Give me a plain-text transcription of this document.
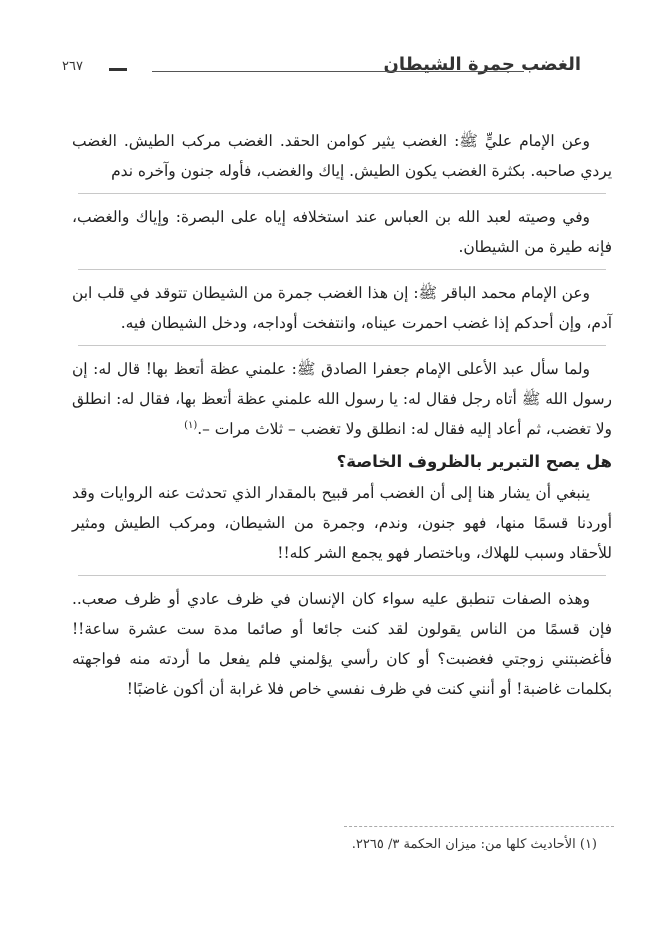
الغضب جمرة الشيطان
٢٦٧

وعن الإمام عليٍّ ﷺ: الغضب يثير كوامن الحقد. الغضب مركب الطيش. الغضب يردي صاحبه. بكثرة الغضب يكون الطيش. إياك والغضب، فأوله جنون وآخره ندم

وفي وصيته لعبد الله بن العباس عند استخلافه إياه على البصرة: وإياك والغضب، فإنه طيرة من الشيطان.

وعن الإمام محمد الباقر ﷺ: إن هذا الغضب جمرة من الشيطان تتوقد في قلب ابن آدم، وإن أحدكم إذا غضب احمرت عيناه، وانتفخت أوداجه، ودخل الشيطان فيه.

ولما سأل عبد الأعلى الإمام جعفرا الصادق ﷺ: علمني عظة أتعظ بها! قال له: إن رسول الله ﷺ أتاه رجل فقال له: يا رسول الله علمني عظة أتعظ بها، فقال له: انطلق ولا تغضب، ثم أعاد إليه فقال له: انطلق ولا تغضب – ثلاث مرات –.$^{(١)}$

هل يصح التبرير بالظروف الخاصة؟

ينبغي أن يشار هنا إلى أن الغضب أمر قبيح بالمقدار الذي تحدثت عنه الروايات وقد أوردنا قسمًا منها، فهو جنون، وندم، وجمرة من الشيطان، ومركب الطيش ومثير للأحقاد وسبب للهلاك، وباختصار فهو يجمع الشر كله!!

وهذه الصفات تنطبق عليه سواء كان الإنسان في ظرف عادي أو ظرف صعب.. فإن قسمًا من الناس يقولون لقد كنت جائعا أو صائما مدة ست عشرة ساعة!! فأغضبتني زوجتي فغضبت؟ أو كان رأسي يؤلمني فلم يفعل ما أردته منه فواجهته بكلمات غاضبة! أو أنني كنت في ظرف نفسي خاص فلا غرابة أن أكون غاضبًا!

(١) الأحاديث كلها من: ميزان الحكمة ٣/ ٢٢٦٥.
